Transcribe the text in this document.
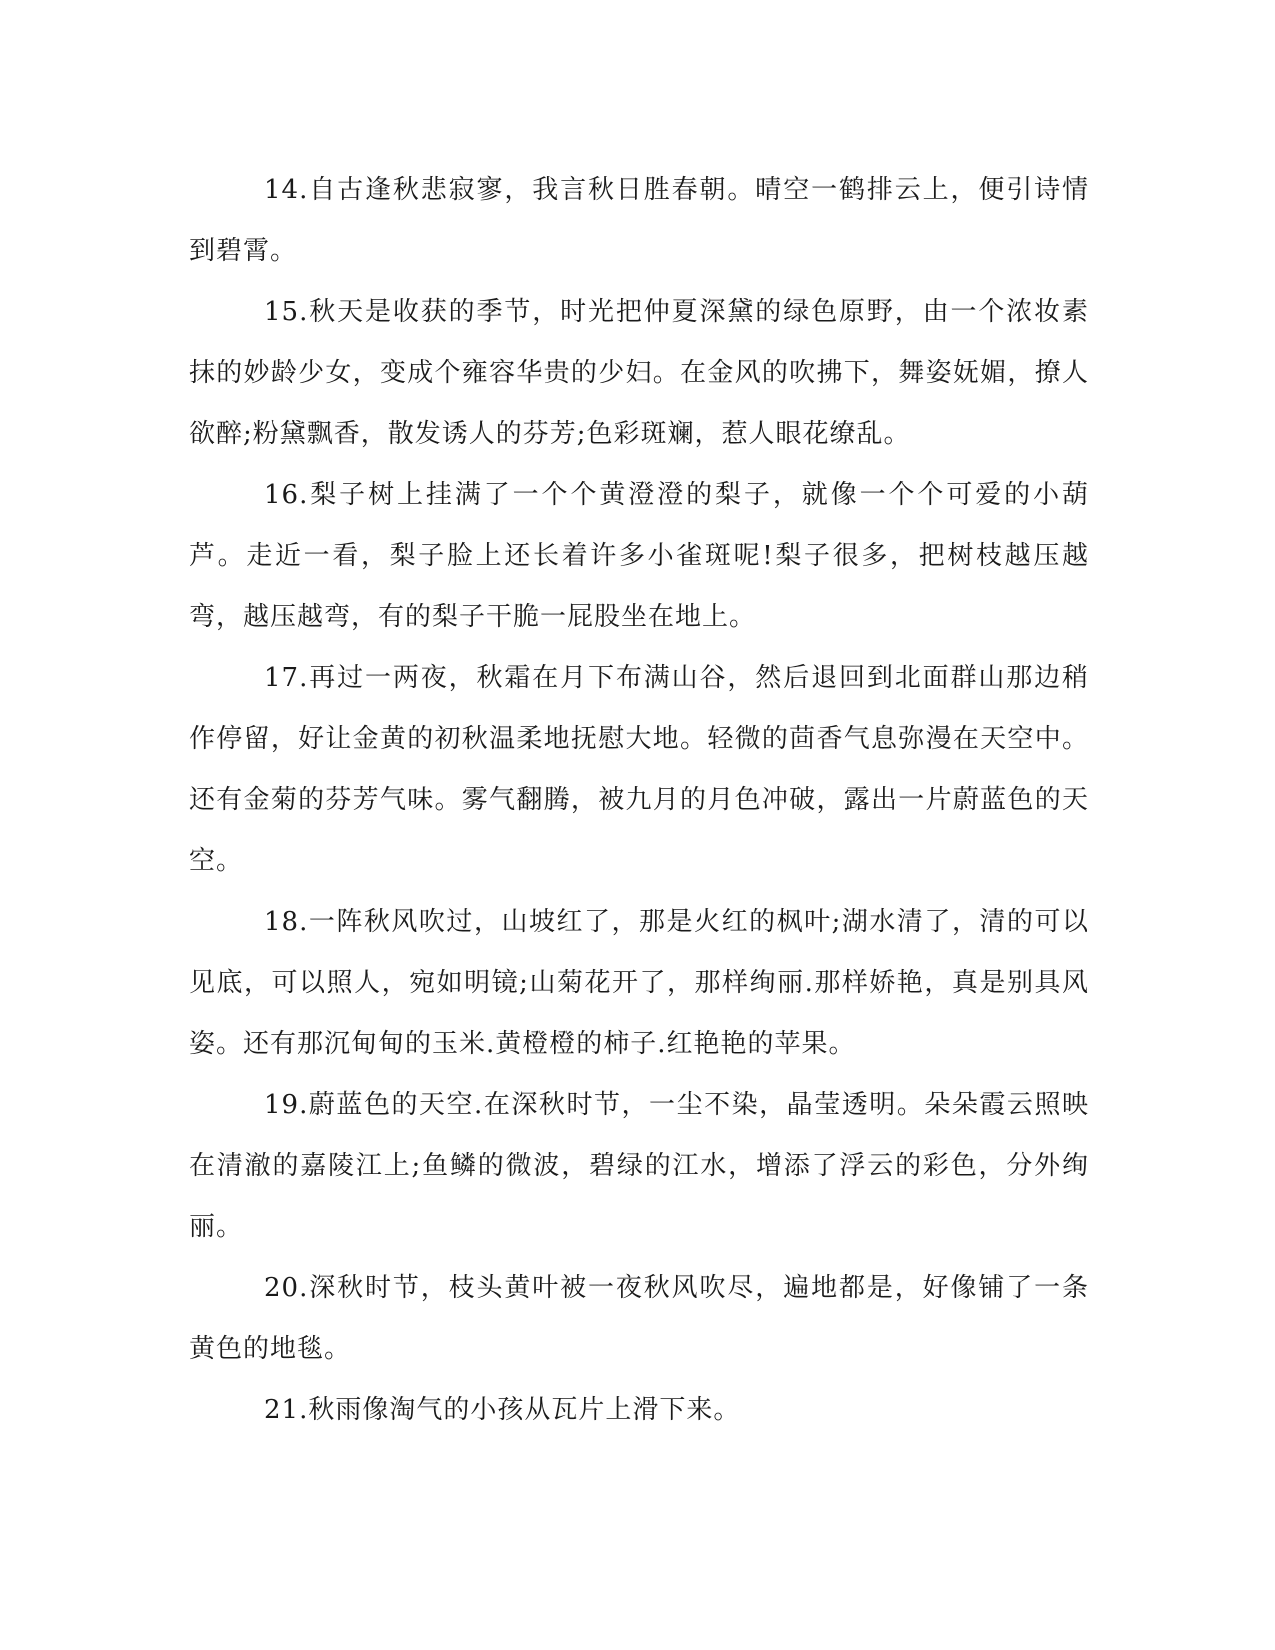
14.自古逢秋悲寂寥，我言秋日胜春朝。晴空一鹤排云上，便引诗情到碧霄。

15.秋天是收获的季节，时光把仲夏深黛的绿色原野，由一个浓妆素抹的妙龄少女，变成个雍容华贵的少妇。在金风的吹拂下，舞姿妩媚，撩人欲醉;粉黛飘香，散发诱人的芬芳;色彩斑斓，惹人眼花缭乱。

16.梨子树上挂满了一个个黄澄澄的梨子，就像一个个可爱的小葫芦。走近一看，梨子脸上还长着许多小雀斑呢!梨子很多，把树枝越压越弯，越压越弯，有的梨子干脆一屁股坐在地上。

17.再过一两夜，秋霜在月下布满山谷，然后退回到北面群山那边稍作停留，好让金黄的初秋温柔地抚慰大地。轻微的茴香气息弥漫在天空中。还有金菊的芬芳气味。雾气翻腾，被九月的月色冲破，露出一片蔚蓝色的天空。

18.一阵秋风吹过，山坡红了，那是火红的枫叶;湖水清了，清的可以见底，可以照人，宛如明镜;山菊花开了，那样绚丽.那样娇艳，真是别具风姿。还有那沉甸甸的玉米.黄橙橙的柿子.红艳艳的苹果。

19.蔚蓝色的天空.在深秋时节，一尘不染，晶莹透明。朵朵霞云照映在清澈的嘉陵江上;鱼鳞的微波，碧绿的江水，增添了浮云的彩色，分外绚丽。

20.深秋时节，枝头黄叶被一夜秋风吹尽，遍地都是，好像铺了一条黄色的地毯。

21.秋雨像淘气的小孩从瓦片上滑下来。
